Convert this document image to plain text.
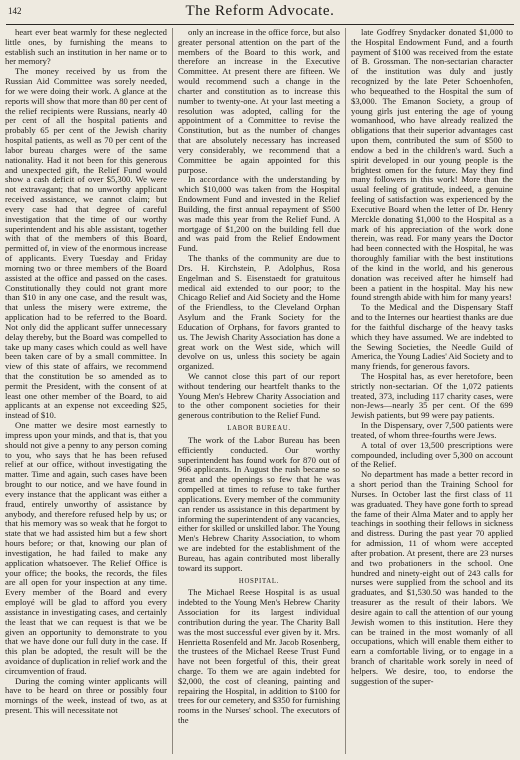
142	The Reform Advocate.

heart ever beat warmly for these neglected little ones, by furnishing the means to establish such an institution in her name or to her memory?

The money received by us from the Russian Aid Committee was sorely needed, for we were doing their work. A glance at the reports will show that more than 80 per cent of the relief recipients were Russians, nearly 40 per cent of all the hospital patients and probably 65 per cent of the Jewish charity hospital patients, as well as 70 per cent of the labor bureau charges were of the same nationality. Had it not been for this generous and unexpected gift, the Relief Fund would show a cash deficit of over $5,300. We were not extravagant; that no unworthy applicant received assistance, we cannot claim; but every case had that degree of careful investigation that the time of our worthy superintendent and his able assistant, together with that of the members of this Board, permitted of, in view of the enormous increase of applicants. Every Tuesday and Friday morning two or three members of the Board assisted at the office and passed on the cases. Constitutionally they could not grant more than $10 in any one case, and the result was, that unless the misery were extreme, the application had to be referred to the Board. Not only did the applicant suffer unnecessary delay thereby, but the Board was compelled to take up many cases which could as well have been taken care of by a small committee. In view of this state of affairs, we recommend that the constitution be so amended as to permit the President, with the consent of at least one other member of the Board, to aid applicants at an expense not exceeding $25, instead of $10.

One matter we desire most earnestly to impress upon your minds, and that is, that you should not give a penny to any person coming to you, who says that he has been refused relief at our office, without investigating the matter. Time and again, such cases have been brought to our notice, and we have found in every instance that the applicant was either a fraud, entirely unworthy of assistance by anybody, and therefore refused help by us; or that his memory was so weak that he forgot to state that we had assisted him but a few short hours before; or that, knowing our plan of investigation, he had failed to make any application whatsoever. The Relief Office is your office; the books, the records, the files are all open for your inspection at any time. Every member of the Board and every employé will be glad to afford you every assistance in investigating cases, and certainly the least that we can request is that we be given an opportunity to demonstrate to you that we have done our full duty in the case. If this plan be adopted, the result will be the avoidance of duplication in relief work and the circumvention of fraud.

During the coming winter applicants will have to be heard on three or possibly four mornings of the week, instead of two, as at present. This will necessitate not

only an increase in the office force, but also greater personal attention on the part of the members of the Board to this work, and therefore an increase in the Executive Committee. At present there are fifteen. We would recommend such a change in the charter and constitution as to increase this number to twenty-one. At your last meeting a resolution was adopted, calling for the appointment of a Committee to revise the Constitution, but as the number of changes that are absolutely necessary has increased very considerably, we recommend that a Committee be again appointed for this purpose.

In accordance with the understanding by which $10,000 was taken from the Hospital Endowment Fund and invested in the Relief Building, the first annual repayment of $500 was made this year from the Relief Fund. A mortgage of $1,200 on the building fell due and was paid from the Relief Endowment Fund.

The thanks of the community are due to Drs. H. Kirchstein, P. Adolphus, Rosa Engelman and S. Eisenstaedt for gratuitous medical aid extended to our poor; to the Chicago Relief and Aid Society and the Home of the Friendless, to the Cleveland Orphan Asylum and the Frank Society for the Education of Orphans, for favors granted to us. The Jewish Charity Association has done a great work on the West side, which will devolve on us, unless this society be again organized.

We cannot close this part of our report without tendering our heartfelt thanks to the Young Men's Hebrew Charity Association and to the other component societies for their generous contribution to the Relief Fund.

LABOR BUREAU.

The work of the Labor Bureau has been efficiently conducted. Our worthy superintendent has found work for 870 out of 966 applicants. In August the rush became so great and the openings so few that he was compelled at times to refuse to take further applications. Every member of the community can render us assistance in this department by informing the superintendent of any vacancies, either for skilled or unskilled labor. The Young Men's Hebrew Charity Association, to whom we are indebted for the establishment of the Bureau, has again contributed most liberally toward its support.

HOSPITAL.

The Michael Reese Hospital is as usual indebted to the Young Men's Hebrew Charity Association for its largest individual contribution during the year. The Charity Ball was the most successful ever given by it. Mrs. Henrietta Rosenfeld and Mr. Jacob Rosenberg, the trustees of the Michael Reese Trust Fund have not been forgetful of this, their great charge. To them we are again indebted for $2,000, the cost of cleaning, painting and repairing the Hospital, in addition to $100 for trees for our cemetery, and $350 for furnishing rooms in the Nurses' school. The executors of the

late Godfrey Snydacker donated $1,000 to the Hospital Endowment Fund, and a fourth payment of $100 was received from the estate of B. Grossman. The non-sectarian character of the institution was duly and justly recognized by the late Peter Schoenhofen, who bequeathed to the Hospital the sum of $3,000. The Emanon Society, a group of young girls just entering the age of young womanhood, who have already realized the obligations that their superior advantages cast upon them, contributed the sum of $500 to endow a bed in the children's ward. Such a spirit developed in our young people is the brightest omen for the future. May they find many followers in this work! More than the usual feeling of gratitude, indeed, a genuine feeling of satisfaction was experienced by the Executive Board when the letter of Dr. Henry Merckle donating $1,000 to the Hospital as a mark of his appreciation of the work done therein, was read. For many years the Doctor had been connected with the Hospital, he was thoroughly familiar with the best institutions of the kind in the world, and his generous donation was received after he himself had been a patient in the hospital. May his new found strength abide with him for many years!

To the Medical and the Dispensary Staff and to the Internes our heartiest thanks are due for the faithful discharge of the heavy tasks which they have assumed. We are indebted to the Sewing Societies, the Needle Guild of America, the Young Ladies' Aid Society and to many friends, for generous favors.

The Hospital has, as ever heretofore, been strictly non-sectarian. Of the 1,072 patients treated, 373, including 117 charity cases, were non-Jews—nearly 35 per cent. Of the 699 Jewish patients, but 99 were pay patients.

In the Dispensary, over 7,500 patients were treated, of whom three-fourths were Jews.

A total of over 13,500 prescriptions were compounded, including over 5,300 on account of the Relief.

No department has made a better record in a short period than the Training School for Nurses. In October last the first class of 11 was graduated. They have gone forth to spread the fame of their Alma Mater and to apply her teachings in soothing their fellows in sickness and distress. During the past year 70 applied for admission, 11 of whom were accepted after probation. At present, there are 23 nurses and two probationers in the school. One hundred and ninety-eight out of 243 calls for nurses were supplied from the school and its graduates, and $1,530.50 was handed to the treasurer as the result of their labors. We desire again to call the attention of our young Jewish women to this institution. Here they can be trained in the most womanly of all occupations, which will enable them either to earn a comfortable living, or to engage in a branch of charitable work sorely in need of helpers. We desire, too, to endorse the suggestion of the super-
